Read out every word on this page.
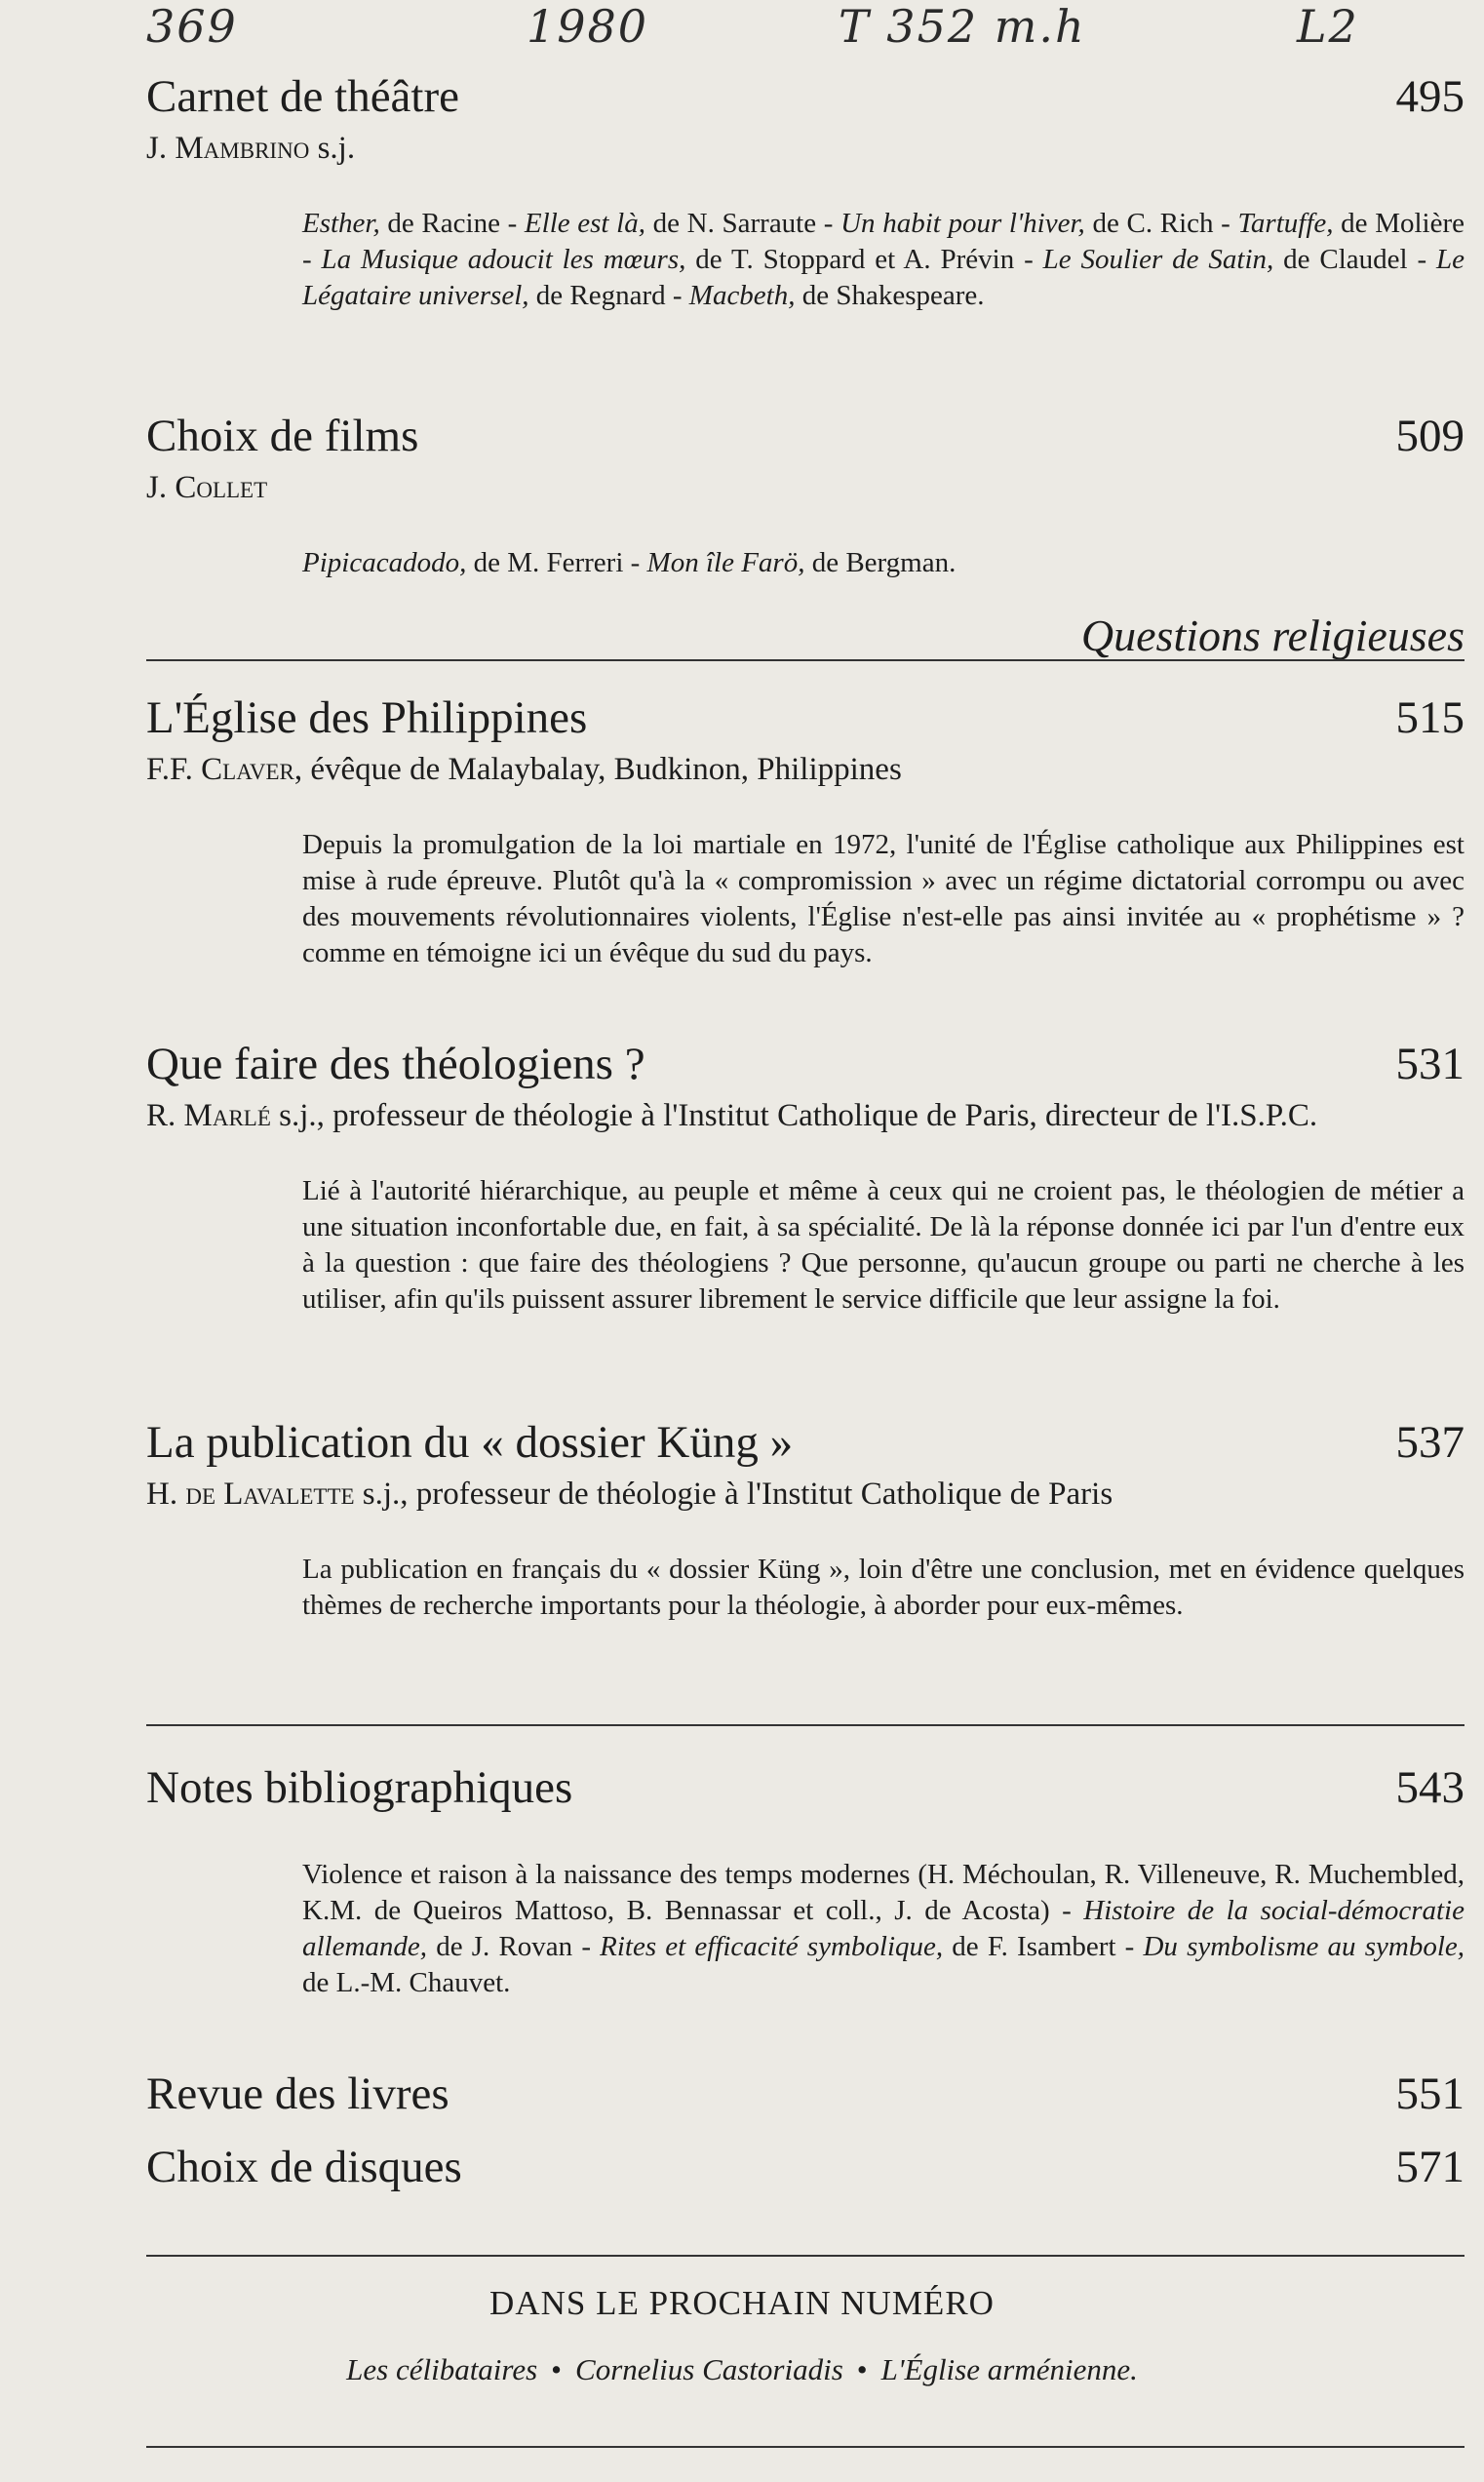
369	1980	T 352 m.h	L2
Carnet de théâtre	495
J. Mambrino s.j.
Esther, de Racine - Elle est là, de N. Sarraute - Un habit pour l'hiver, de C. Rich - Tartuffe, de Molière - La Musique adoucit les mœurs, de T. Stoppard et A. Prévin - Le Soulier de Satin, de Claudel - Le Légataire universel, de Regnard - Macbeth, de Shakespeare.
Choix de films	509
J. Collet
Pipicacadodo, de M. Ferreri - Mon île Farö, de Bergman.
Questions religieuses
L'Église des Philippines	515
F.F. Claver, évêque de Malaybalay, Budkinon, Philippines
Depuis la promulgation de la loi martiale en 1972, l'unité de l'Église catholique aux Philippines est mise à rude épreuve. Plutôt qu'à la « compromission » avec un régime dictatorial corrompu ou avec des mouvements révolutionnaires violents, l'Église n'est-elle pas ainsi invitée au « prophétisme » ? comme en témoigne ici un évêque du sud du pays.
Que faire des théologiens ?	531
R. Marlé s.j., professeur de théologie à l'Institut Catholique de Paris, directeur de l'I.S.P.C.
Lié à l'autorité hiérarchique, au peuple et même à ceux qui ne croient pas, le théologien de métier a une situation inconfortable due, en fait, à sa spécialité. De là la réponse donnée ici par l'un d'entre eux à la question : que faire des théologiens ? Que personne, qu'aucun groupe ou parti ne cherche à les utiliser, afin qu'ils puissent assurer librement le service difficile que leur assigne la foi.
La publication du « dossier Küng »	537
H. de Lavalette s.j., professeur de théologie à l'Institut Catholique de Paris
La publication en français du « dossier Küng », loin d'être une conclusion, met en évidence quelques thèmes de recherche importants pour la théologie, à aborder pour eux-mêmes.
Notes bibliographiques	543
Violence et raison à la naissance des temps modernes (H. Méchoulan, R. Villeneuve, R. Muchembled, K.M. de Queiros Mattoso, B. Bennassar et coll., J. de Acosta) - Histoire de la social-démocratie allemande, de J. Rovan - Rites et efficacité symbolique, de F. Isambert - Du symbolisme au symbole, de L.-M. Chauvet.
Revue des livres	551
Choix de disques	571
DANS LE PROCHAIN NUMÉRO
Les célibataires • Cornelius Castoriadis • L'Église arménienne.
